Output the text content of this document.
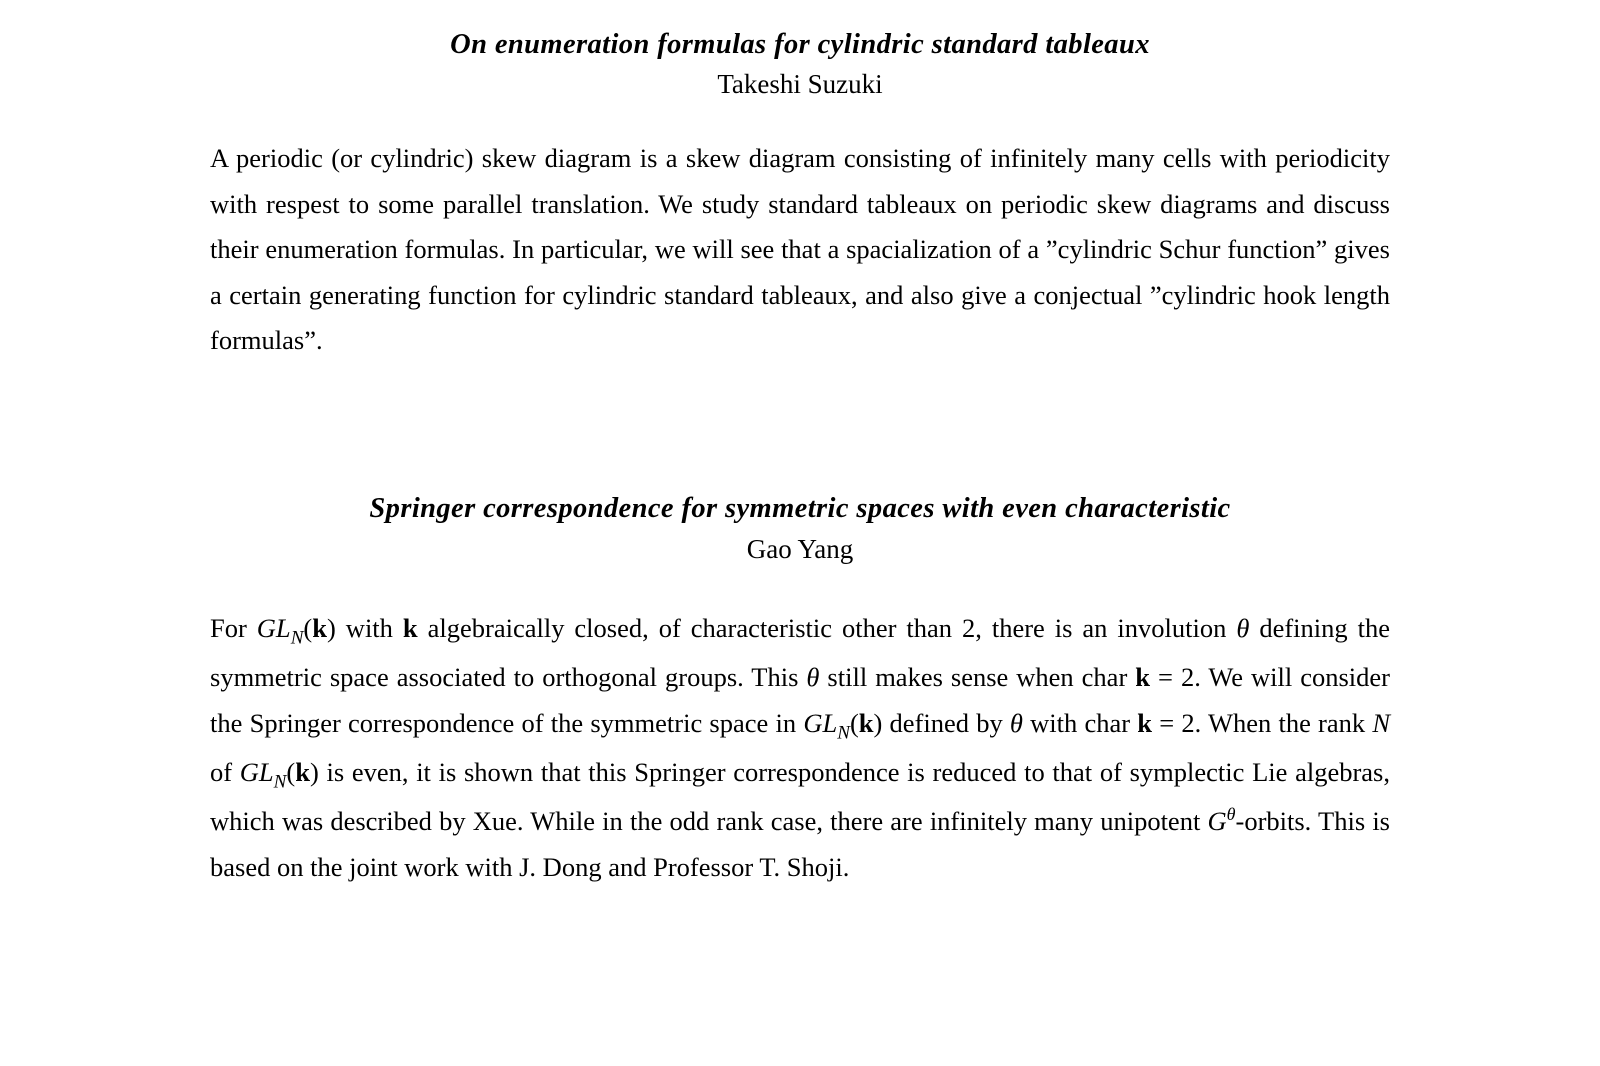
On enumeration formulas for cylindric standard tableaux

Takeshi Suzuki

A periodic (or cylindric) skew diagram is a skew diagram consisting of infinitely many cells with periodicity with respest to some parallel translation. We study standard tableaux on periodic skew diagrams and discuss their enumeration formulas. In particular, we will see that a spacialization of a ”cylindric Schur function” gives a certain generating function for cylindric standard tableaux, and also give a conjectual ”cylindric hook length formulas”.

Springer correspondence for symmetric spaces with even characteristic

Gao Yang

For $GL_N(k)$ with k algebraically closed, of characteristic other than 2, there is an involution θ defining the symmetric space associated to orthogonal groups. This θ still makes sense when char k = 2. We will consider the Springer correspondence of the symmetric space in $GL_N(k)$ defined by θ with char k = 2. When the rank N of $GL_N(k)$ is even, it is shown that this Springer correspondence is reduced to that of symplectic Lie algebras, which was described by Xue. While in the odd rank case, there are infinitely many unipotent $G^\theta$-orbits. This is based on the joint work with J. Dong and Professor T. Shoji.
